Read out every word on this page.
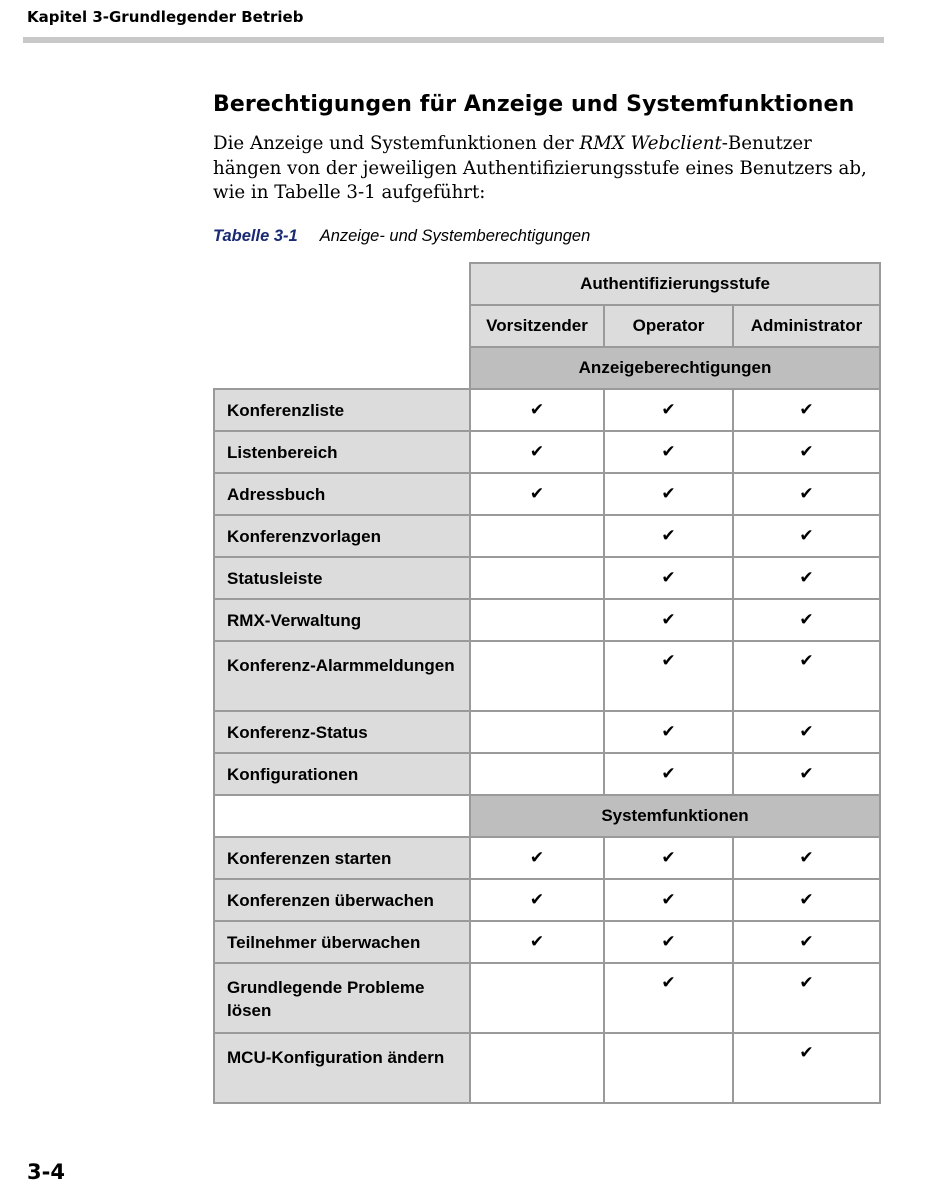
Kapitel 3-Grundlegender Betrieb
Berechtigungen für Anzeige und Systemfunktionen

Die Anzeige und Systemfunktionen der RMX Webclient-Benutzer hängen von der jeweiligen Authentifizierungsstufe eines Benutzers ab, wie in Tabelle 3-1 aufgeführt:

Tabelle 3-1 Anzeige- und Systemberechtigungen
	Authentifizierungsstufe		
	Vorsitzender	Operator	Administrator
	Anzeigeberechtigungen		
Konferenzliste	✔	✔	✔
Listenbereich	✔	✔	✔
Adressbuch	✔	✔	✔
Konferenzvorlagen		✔	✔
Statusleiste		✔	✔
RMX-Verwaltung		✔	✔
Konferenz-Alarmmeldungen		✔	✔
Konferenz-Status		✔	✔
Konfigurationen		✔	✔
	Systemfunktionen		
Konferenzen starten	✔	✔	✔
Konferenzen überwachen	✔	✔	✔
Teilnehmer überwachen	✔	✔	✔
Grundlegende Probleme lösen		✔	✔
MCU-Konfiguration ändern			✔
3-4
